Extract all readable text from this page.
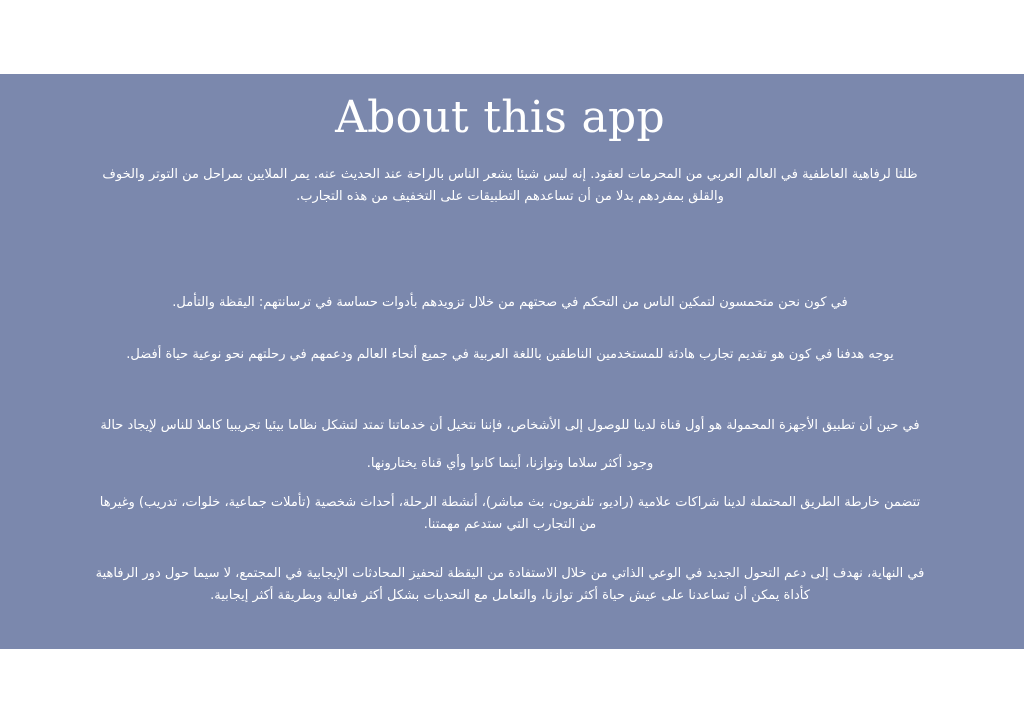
About this app

ظلتا لرفاهية العاطفية في العالم العربي من المحرمات لعقود. إنه ليس شيئا يشعر الناس بالراحة عند الحديث عنه. يمر الملايين بمراحل من التوتر والخوف والقلق بمفردهم بدلا من أن تساعدهم التطبيقات على التخفيف من هذه التجارب.

في كون نحن متحمسون لتمكين الناس من التحكم في صحتهم من خلال تزويدهم بأدوات حساسة في ترسانتهم: اليقظة والتأمل.

يوجه هدفنا في كون هو تقديم تجارب هادئة للمستخدمين الناطقين باللغة العربية في جميع أنحاء العالم ودعمهم في رحلتهم نحو نوعية حياة أفضل.

في حين أن تطبيق الأجهزة المحمولة هو أول قناة لدينا للوصول إلى الأشخاص، فإننا نتخيل أن خدماتنا تمتد لتشكل نظاما بيئيا تجريبيا كاملا للناس لإيجاد حالة وجود أكثر سلاما وتوازنا، أينما كانوا وأي قناة يختارونها.

تتضمن خارطة الطريق المحتملة لدينا شراكات علامية (راديو، تلفزيون، بث مباشر)، أنشطة الرحلة، أحداث شخصية (تأملات جماعية، خلوات، تدريب) وغيرها من التجارب التي ستدعم مهمتنا.

في النهاية، نهدف إلى دعم التحول الجديد في الوعي الذاتي من خلال الاستفادة من اليقظة لتحفيز المحادثات الإيجابية في المجتمع، لا سيما حول دور الرفاهية كأداة يمكن أن تساعدنا على عيش حياة أكثر توازنا، والتعامل مع التحديات بشكل أكثر فعالية وبطريقة أكثر إيجابية.
